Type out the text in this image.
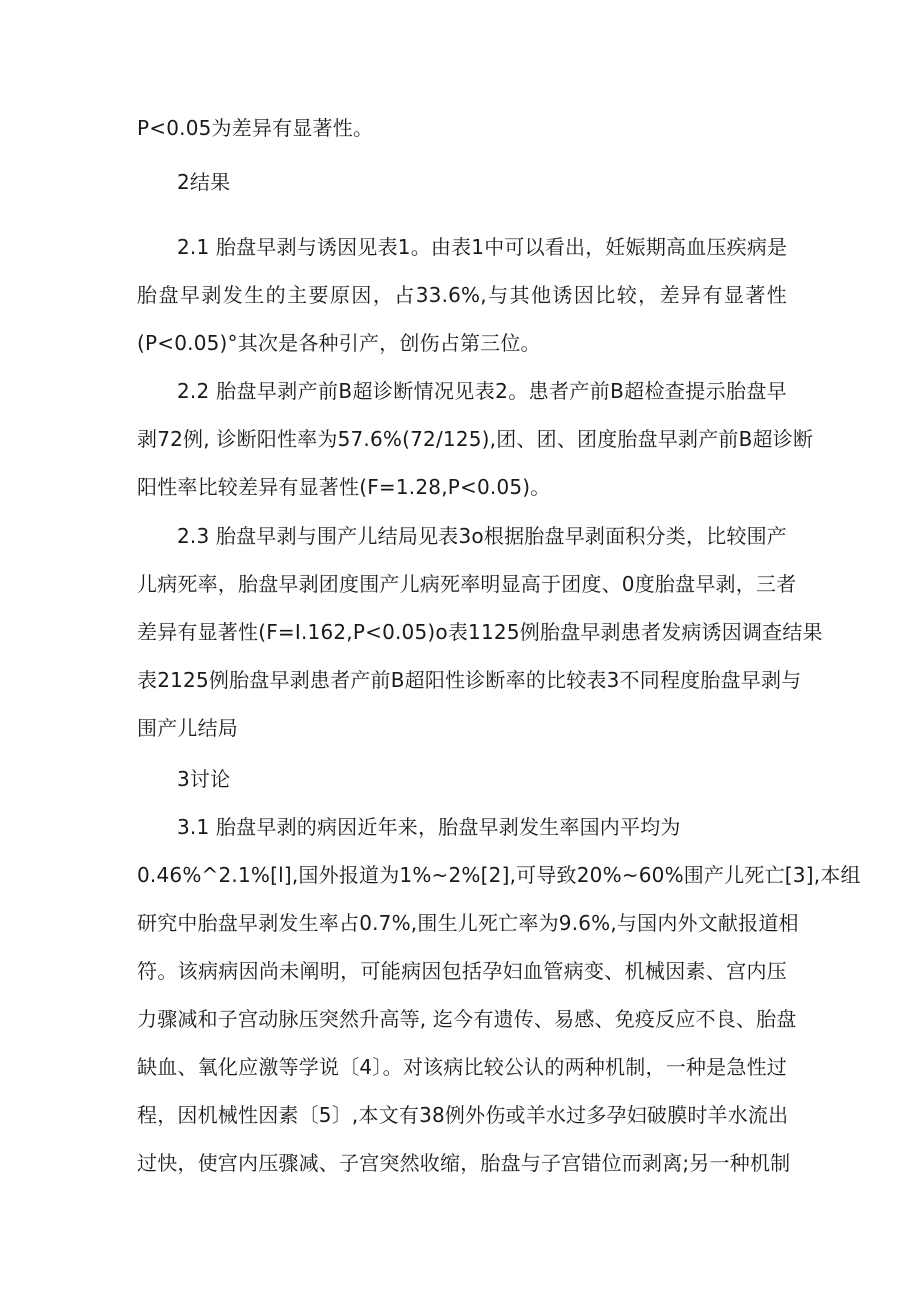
P<0.05为差异有显著性。
2结果
2.1 胎盘早剥与诱因见表1。由表1中可以看出，妊娠期高血压疾病是
胎盘早剥发生的主要原因，占33.6%,与其他诱因比较，差异有显著性
(P<0.05)°其次是各种引产，创伤占第三位。
2.2 胎盘早剥产前B超诊断情况见表2。患者产前B超检查提示胎盘早
剥72例, 诊断阳性率为57.6%(72/125),团、团、团度胎盘早剥产前B超诊断
阳性率比较差异有显著性(F=1.28,P<0.05)。
2.3 胎盘早剥与围产儿结局见表3o根据胎盘早剥面积分类，比较围产
儿病死率，胎盘早剥团度围产儿病死率明显高于团度、0度胎盘早剥，三者
差异有显著性(F=I.162,P<0.05)o表1125例胎盘早剥患者发病诱因调查结果
表2125例胎盘早剥患者产前B超阳性诊断率的比较表3不同程度胎盘早剥与
围产儿结局
3讨论
3.1 胎盘早剥的病因近年来，胎盘早剥发生率国内平均为
0.46%^2.1%[l],国外报道为1%~2%[2],可导致20%~60%围产儿死亡[3],本组
研究中胎盘早剥发生率占0.7%,围生儿死亡率为9.6%,与国内外文献报道相
符。该病病因尚未阐明，可能病因包括孕妇血管病变、机械因素、宫内压
力骤减和子宫动脉压突然升高等, 迄今有遗传、易感、免疫反应不良、胎盘
缺血、氧化应激等学说〔4〕。对该病比较公认的两种机制，一种是急性过
程，因机械性因素〔5〕,本文有38例外伤或羊水过多孕妇破膜时羊水流出
过快，使宫内压骤减、子宫突然收缩，胎盘与子宫错位而剥离;另一种机制
